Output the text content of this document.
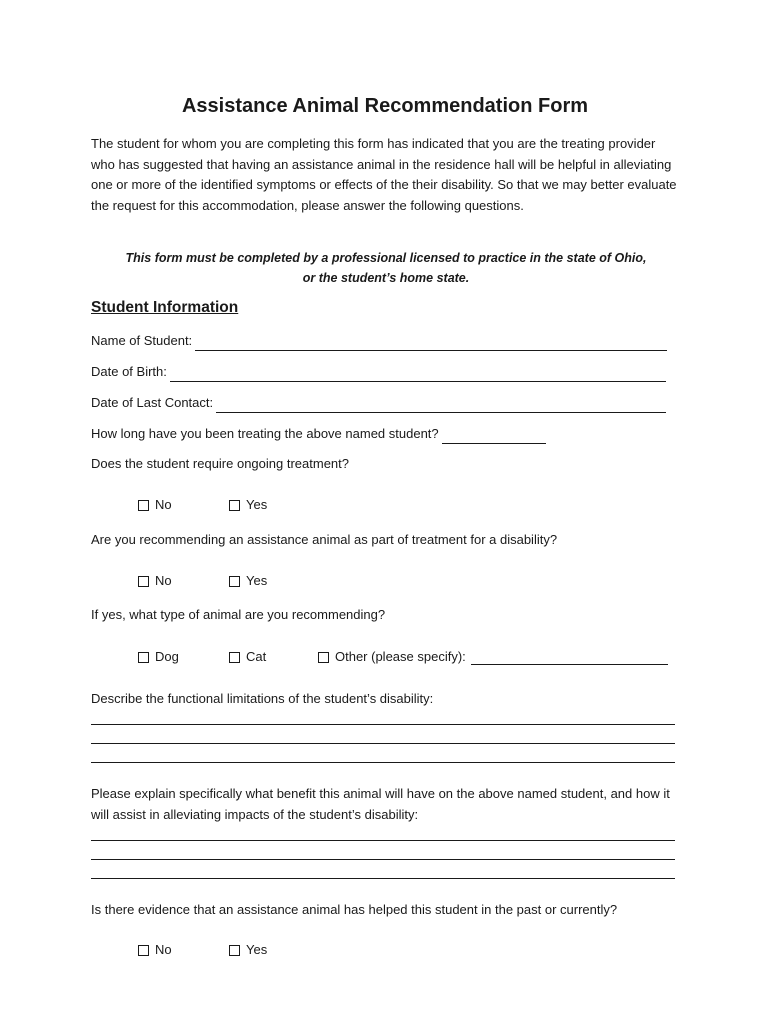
Assistance Animal Recommendation Form
The student for whom you are completing this form has indicated that you are the treating provider who has suggested that having an assistance animal in the residence hall will be helpful in alleviating one or more of the identified symptoms or effects of the their disability. So that we may better evaluate the request for this accommodation, please answer the following questions.
This form must be completed by a professional licensed to practice in the state of Ohio,
or the student’s home state.
Student Information
Name of Student:
Date of Birth:
Date of Last Contact:
How long have you been treating the above named student?
Does the student require ongoing treatment?
No	Yes
Are you recommending an assistance animal as part of treatment for a disability?
No	Yes
If yes, what type of animal are you recommending?
Dog	Cat	Other (please specify):
Describe the functional limitations of the student’s disability:
Please explain specifically what benefit this animal will have on the above named student, and how it will assist in alleviating impacts of the student’s disability:
Is there evidence that an assistance animal has helped this student in the past or currently?
No	Yes
